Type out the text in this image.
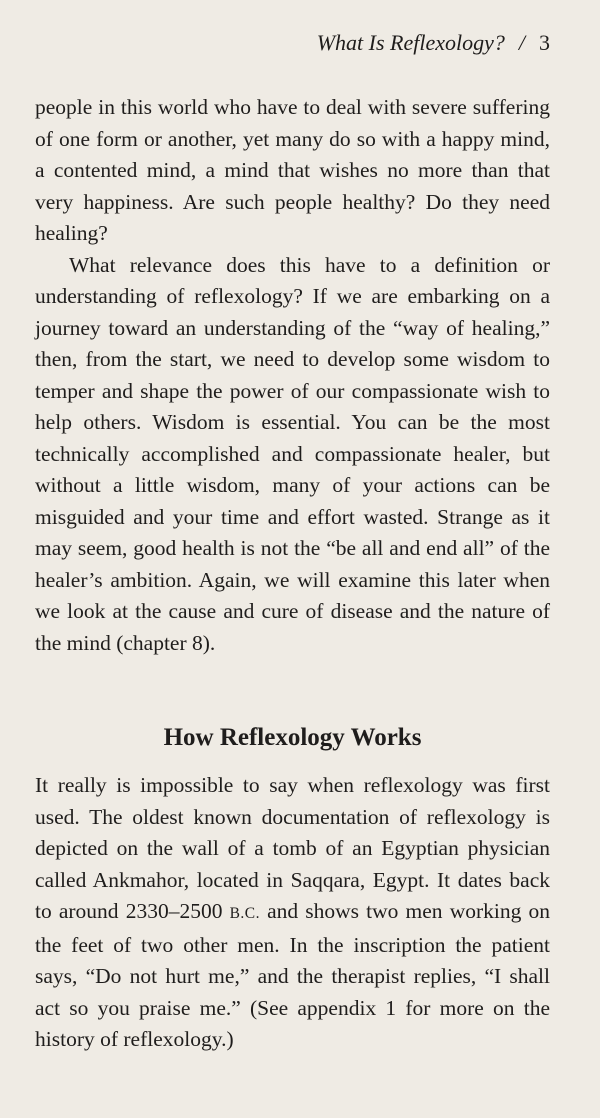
What Is Reflexology? / 3

people in this world who have to deal with severe suffering of one form or another, yet many do so with a happy mind, a contented mind, a mind that wishes no more than that very happiness. Are such people healthy? Do they need healing?

What relevance does this have to a definition or understanding of reflexology? If we are embarking on a journey toward an understanding of the “way of healing,” then, from the start, we need to develop some wisdom to temper and shape the power of our compassionate wish to help others. Wisdom is essential. You can be the most technically accomplished and compassionate healer, but without a little wisdom, many of your actions can be misguided and your time and effort wasted. Strange as it may seem, good health is not the “be all and end all” of the healer’s ambition. Again, we will examine this later when we look at the cause and cure of disease and the nature of the mind (chapter 8).

How Reflexology Works

It really is impossible to say when reflexology was first used. The oldest known documentation of reflexology is depicted on the wall of a tomb of an Egyptian physician called Ankmahor, located in Saqqara, Egypt. It dates back to around 2330–2500 B.C. and shows two men working on the feet of two other men. In the inscription the patient says, “Do not hurt me,” and the therapist replies, “I shall act so you praise me.” (See appendix 1 for more on the history of reflexology.)
